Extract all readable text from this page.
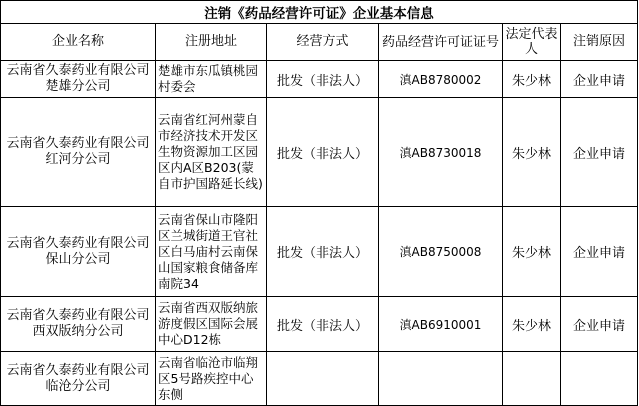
注销《药品经营许可证》企业基本信息					
企业名称	注册地址	经营方式	药品经营许可证证号	法定代表人	注销原因
云南省久泰药业有限公司楚雄分公司	楚雄市东瓜镇桃园村委会	批发（非法人）	滇AB8780002	朱少林	企业申请
云南省久泰药业有限公司红河分公司	云南省红河州蒙自市经济技术开发区生物资源加工区园区内A区B203(蒙自市护国路延长线)	批发（非法人）	滇AB8730018	朱少林	企业申请
云南省久泰药业有限公司保山分公司	云南省保山市隆阳区兰城街道王官社区白马庙村云南保山国家粮食储备库南院34	批发（非法人）	滇AB8750008	朱少林	企业申请
云南省久泰药业有限公司西双版纳分公司	云南省西双版纳旅游度假区国际会展中心D12栋	批发（非法人）	滇AB6910001	朱少林	企业申请
云南省久泰药业有限公司临沧分公司	云南省临沧市临翔区5号路疾控中心东侧				
